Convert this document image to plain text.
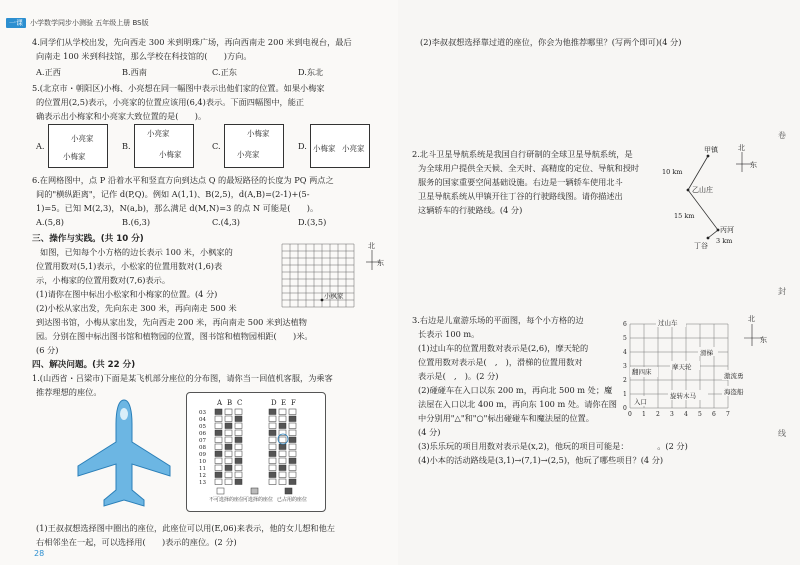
一课	小学数学同步小测验 五年级上册 BS版
4.同学们从学校出发，先向西走 300 米到明珠广场，再向西南走 200 米到电视台，最后
向南走 100 米到科技馆，那么学校在科技馆的(　　)方向。
A.正西	B.西南	C.正东	D.东北
5.(北京市・朝阳区)小梅、小亮想在同一幅图中表示出他们家的位置。如果小梅家
的位置用(2,5)表示，小亮家的位置应该用(6,4)表示。下面四幅图中，能正
确表示出小梅家和小亮家大致位置的是(　　)。
A.
小亮家
小梅家
B.
小亮家
小梅家
C.
小梅家
小亮家
D. 小梅家 小亮家
6.在网格图中，点 P 沿着水平和竖直方向到达点 Q 的最短路径的长度为 PQ 两点之
间的"横纵距离"，记作 d(P,Q)。例如 A(1,1)、B(2,5)，d(A,B)=(2-1)+(5-
1)=5。已知 M(2,3)，N(a,b)，那么满足 d(M,N)=3 的点 N 可能是(　　)。
A.(5,8)	B.(6,3)	C.(4,3)	D.(3,5)
三、操作与实践。(共 10 分)
如图，已知每个小方格的边长表示 100 米，小枫家的
位置用数对(5,1)表示，小松家的位置用数对(1,6)表
示，小梅家的位置用数对(7,6)表示。
(1)请你在图中标出小松家和小梅家的位置。(4 分)
(2)小松从家出发，先向东走 300 米，再向南走 500 米
到达图书馆，小梅从家出发，先向西走 200 米，再向南走 500 米到达植物
园。分别在图中标出图书馆和植物园的位置，图书馆和植物园相距(　　)米。
(6 分)
小枫家
北
东
四、解决问题。(共 22 分)
1.(山西省・吕梁市)下面是某飞机部分座位的分布图，请你当一回值机客服，为乘客
推荐理想的座位。
A B C	D E F
03
04
05
06
07
08
09
10
11
12
13
不可选择的座位
可选择的座位 已占用的座位
(1)王叔叔想选择图中圈出的座位，此座位可以用(E,06)来表示，他的女儿想和他左
右相邻坐在一起，可以选择用(　　)表示的座位。(2 分)
28
(2)李叔叔想选择靠过道的座位，你会为他推荐哪里？(写两个即可)(4 分)
2.北斗卫星导航系统是我国自行研制的全球卫星导航系统，是
为全球用户提供全天候、全天时、高精度的定位、导航和授时
服务的国家重要空间基础设施。右边是一辆轿车使用北斗
卫星导航系统从甲镇开往丁谷的行驶路线图。请你描述出
这辆轿车的行驶路线。(4 分)
甲镇
乙山庄
丙河
丁谷
10 km
15 km
3 km
北
东
3.右边是儿童游乐场的平面图，每个小方格的边
长表示 100 m。
(1)过山车的位置用数对表示是(2,6)，摩天轮的
位置用数对表示是(　,　)，滑梯的位置用数对
表示是(　,　)。(2 分)
(2)碰碰车在入口以东 200 m，再向北 500 m 处；魔
法屋在入口以北 400 m，再向东 100 m 处。请你在图
中分别用"△"和"○"标出碰碰车和魔法屋的位置。
(4 分)
(3)乐乐玩的项目用数对表示是(x,2)，他玩的项目可能是：　　　　。(2 分)
(4)小本的活动路线是(3,1)→(7,1)→(2,5)，他玩了哪些项目？(4 分)
过山车
滑梯
摩天轮
翻四床
旋转木马	海盗船
激流勇
入口
0 1 2 3 4 5 6 7
0
1
2
3
4
5
6
北
东
卷
封
线
